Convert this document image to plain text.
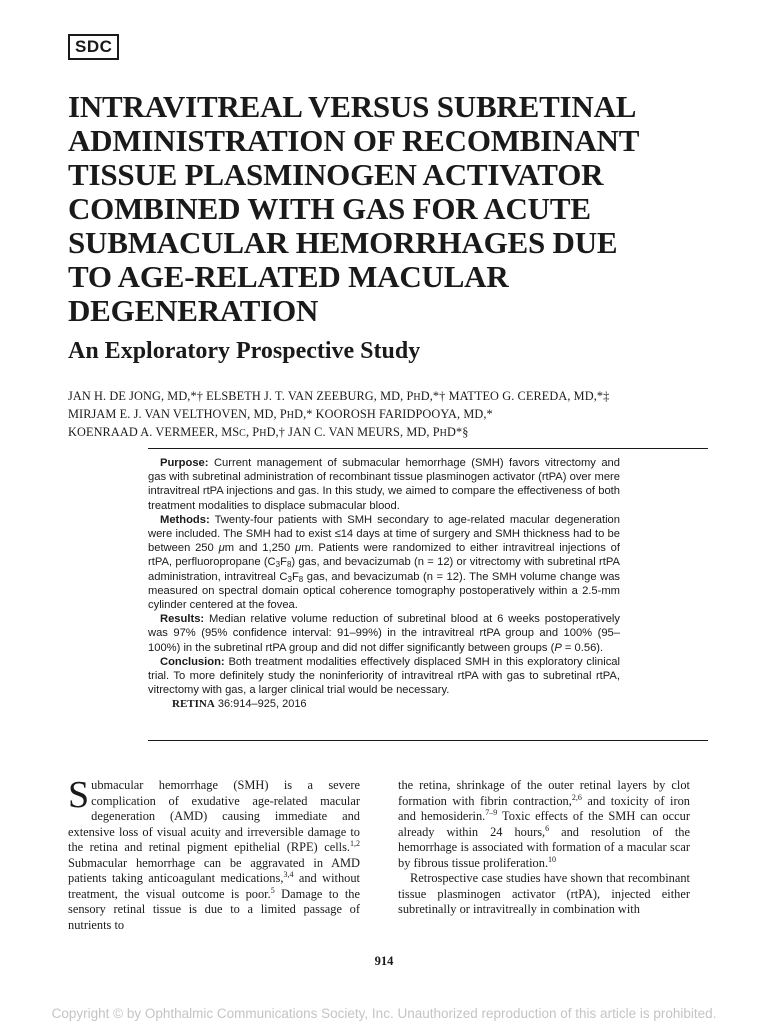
SDC
INTRAVITREAL VERSUS SUBRETINAL
ADMINISTRATION OF RECOMBINANT
TISSUE PLASMINOGEN ACTIVATOR
COMBINED WITH GAS FOR ACUTE
SUBMACULAR HEMORRHAGES DUE
TO AGE-RELATED MACULAR
DEGENERATION
An Exploratory Prospective Study
JAN H. DE JONG, MD,*† ELSBETH J. T. VAN ZEEBURG, MD, PHD,*† MATTEO G. CEREDA, MD,*‡
MIRJAM E. J. VAN VELTHOVEN, MD, PHD,* KOOROSH FARIDPOOYA, MD,*
KOENRAAD A. VERMEER, MSC, PHD,† JAN C. VAN MEURS, MD, PHD*§

Purpose: Current management of submacular hemorrhage (SMH) favors vitrectomy and gas with subretinal administration of recombinant tissue plasminogen activator (rtPA) over mere intravitreal rtPA injections and gas. In this study, we aimed to compare the effectiveness of both treatment modalities to displace submacular blood.

Methods: Twenty-four patients with SMH secondary to age-related macular degeneration were included. The SMH had to exist ≤14 days at time of surgery and SMH thickness had to be between 250 μm and 1,250 μm. Patients were randomized to either intravitreal injections of rtPA, perfluoropropane $(C_3F_8)$ gas, and bevacizumab (n = 12) or vitrectomy with subretinal rtPA administration, intravitreal $C_3F_8$ gas, and bevacizumab (n = 12). The SMH volume change was measured on spectral domain optical coherence tomography postoperatively within a 2.5-mm cylinder centered at the fovea.

Results: Median relative volume reduction of subretinal blood at 6 weeks postoperatively was 97% (95% confidence interval: 91–99%) in the intravitreal rtPA group and 100% (95–100%) in the subretinal rtPA group and did not differ significantly between groups (P = 0.56).

Conclusion: Both treatment modalities effectively displaced SMH in this exploratory clinical trial. To more definitely study the noninferiority of intravitreal rtPA with gas to subretinal rtPA, vitrectomy with gas, a larger clinical trial would be necessary.

RETINA 36:914–925, 2016

Submacular hemorrhage (SMH) is a severe complication of exudative age-related macular degeneration (AMD) causing immediate and extensive loss of visual acuity and irreversible damage to the retina and retinal pigment epithelial (RPE) cells.$^{1,2}$ Submacular hemorrhage can be aggravated in AMD patients taking anticoagulant medications,$^{3,4}$ and without treatment, the visual outcome is poor.$^5$ Damage to the sensory retinal tissue is due to a limited passage of nutrients to

the retina, shrinkage of the outer retinal layers by clot formation with fibrin contraction,$^{2,6}$ and toxicity of iron and hemosiderin.$^{7-9}$ Toxic effects of the SMH can occur already within 24 hours,$^6$ and resolution of the hemorrhage is associated with formation of a macular scar by fibrous tissue proliferation.$^{10}$

Retrospective case studies have shown that recombinant tissue plasminogen activator (rtPA), injected either subretinally or intravitreally in combination with

914
Copyright © by Ophthalmic Communications Society, Inc. Unauthorized reproduction of this article is prohibited.
